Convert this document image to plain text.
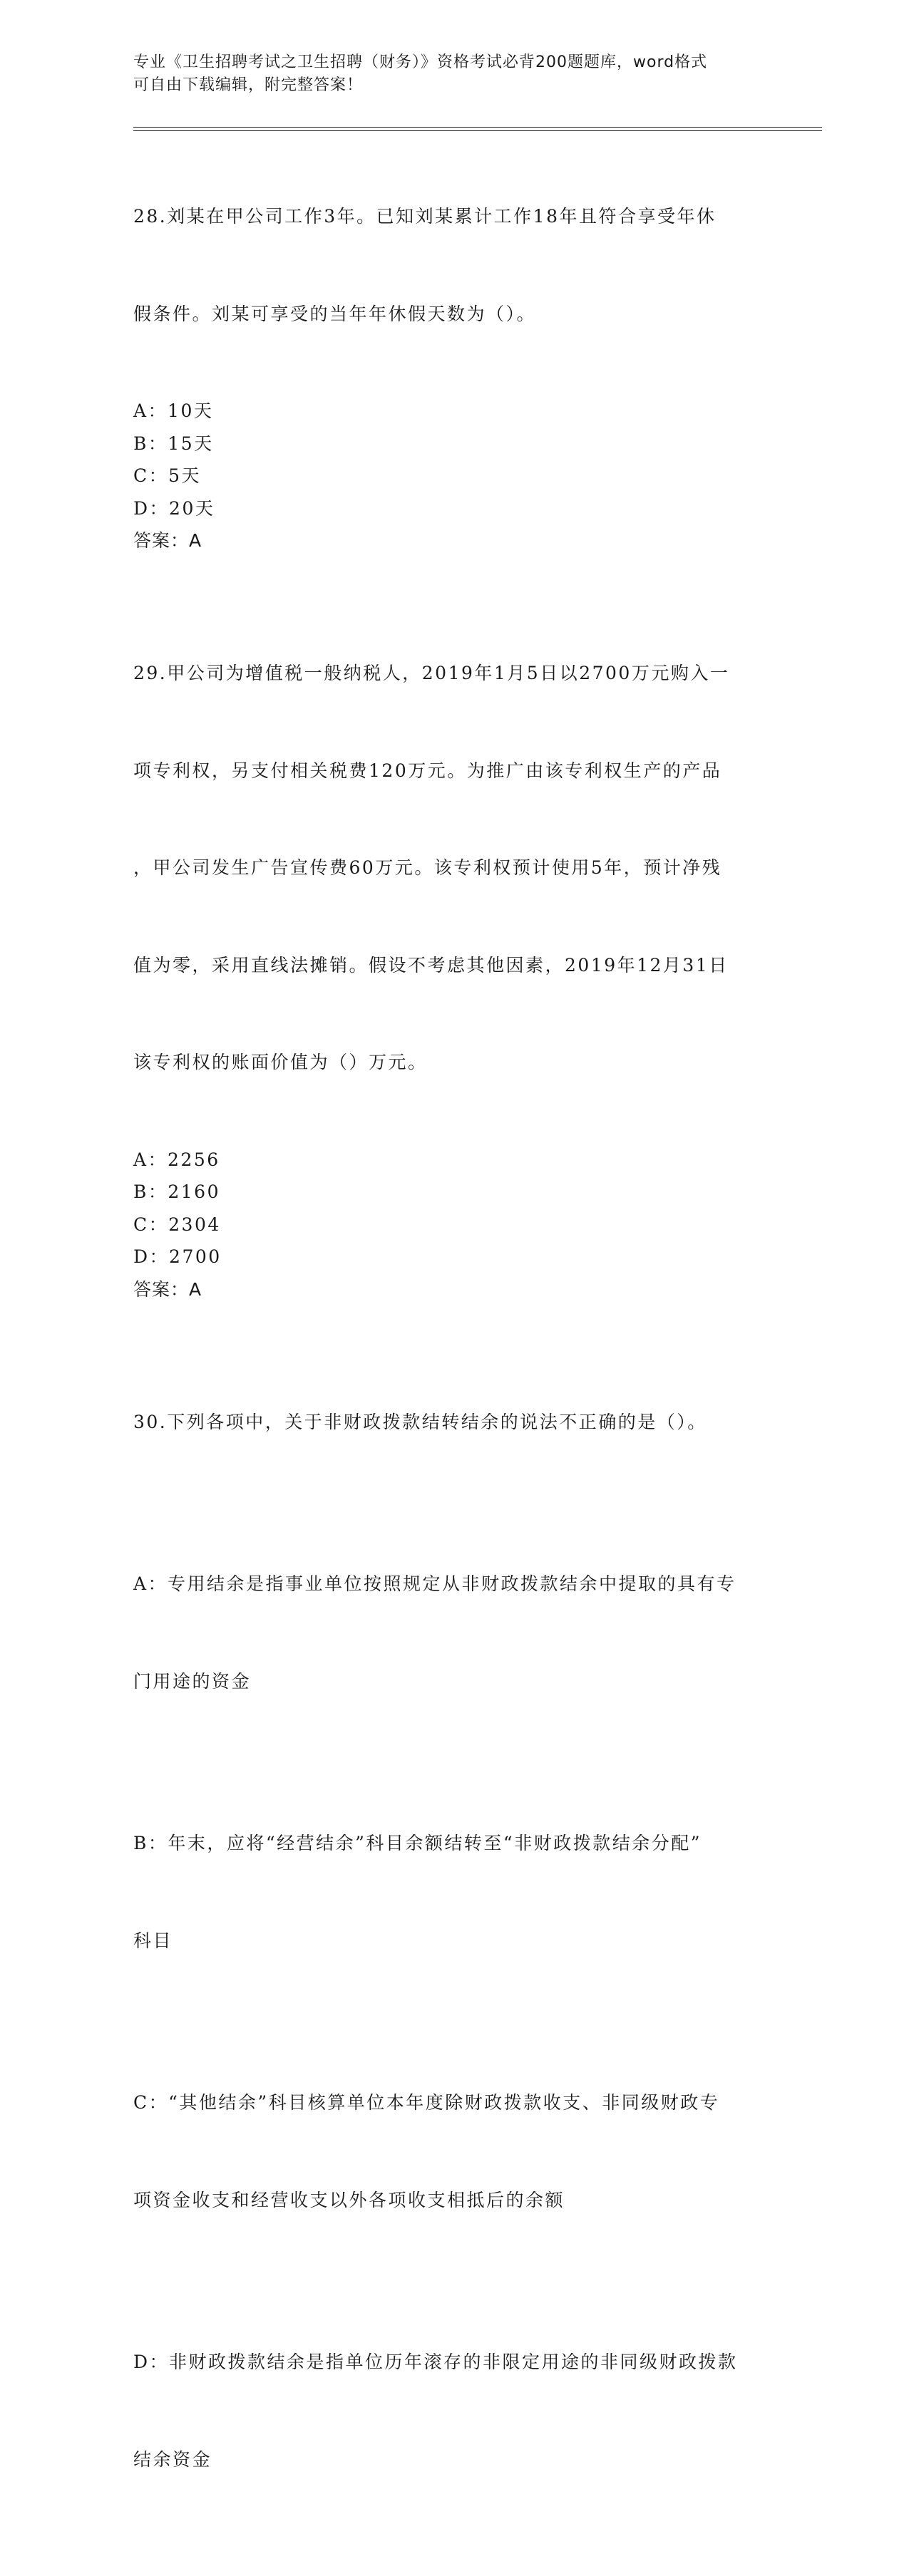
专业《卫生招聘考试之卫生招聘（财务）》资格考试必背200题题库，word格式
可自由下载编辑，附完整答案！

28.刘某在甲公司工作3年。已知刘某累计工作18年且符合享受年休

假条件。刘某可享受的当年年休假天数为（）。

A：10天
B：15天
C：5天
D：20天
答案：A

29.甲公司为增值税一般纳税人，2019年1月5日以2700万元购入一

项专利权，另支付相关税费120万元。为推广由该专利权生产的产品

，甲公司发生广告宣传费60万元。该专利权预计使用5年，预计净残

值为零，采用直线法摊销。假设不考虑其他因素，2019年12月31日

该专利权的账面价值为（）万元。

A：2256
B：2160
C：2304
D：2700
答案：A

30.下列各项中，关于非财政拨款结转结余的说法不正确的是（）。

A：专用结余是指事业单位按照规定从非财政拨款结余中提取的具有专

门用途的资金

B：年末，应将“经营结余”科目余额结转至“非财政拨款结余分配”

科目

C：“其他结余”科目核算单位本年度除财政拨款收支、非同级财政专

项资金收支和经营收支以外各项收支相抵后的余额

D：非财政拨款结余是指单位历年滚存的非限定用途的非同级财政拨款

结余资金
